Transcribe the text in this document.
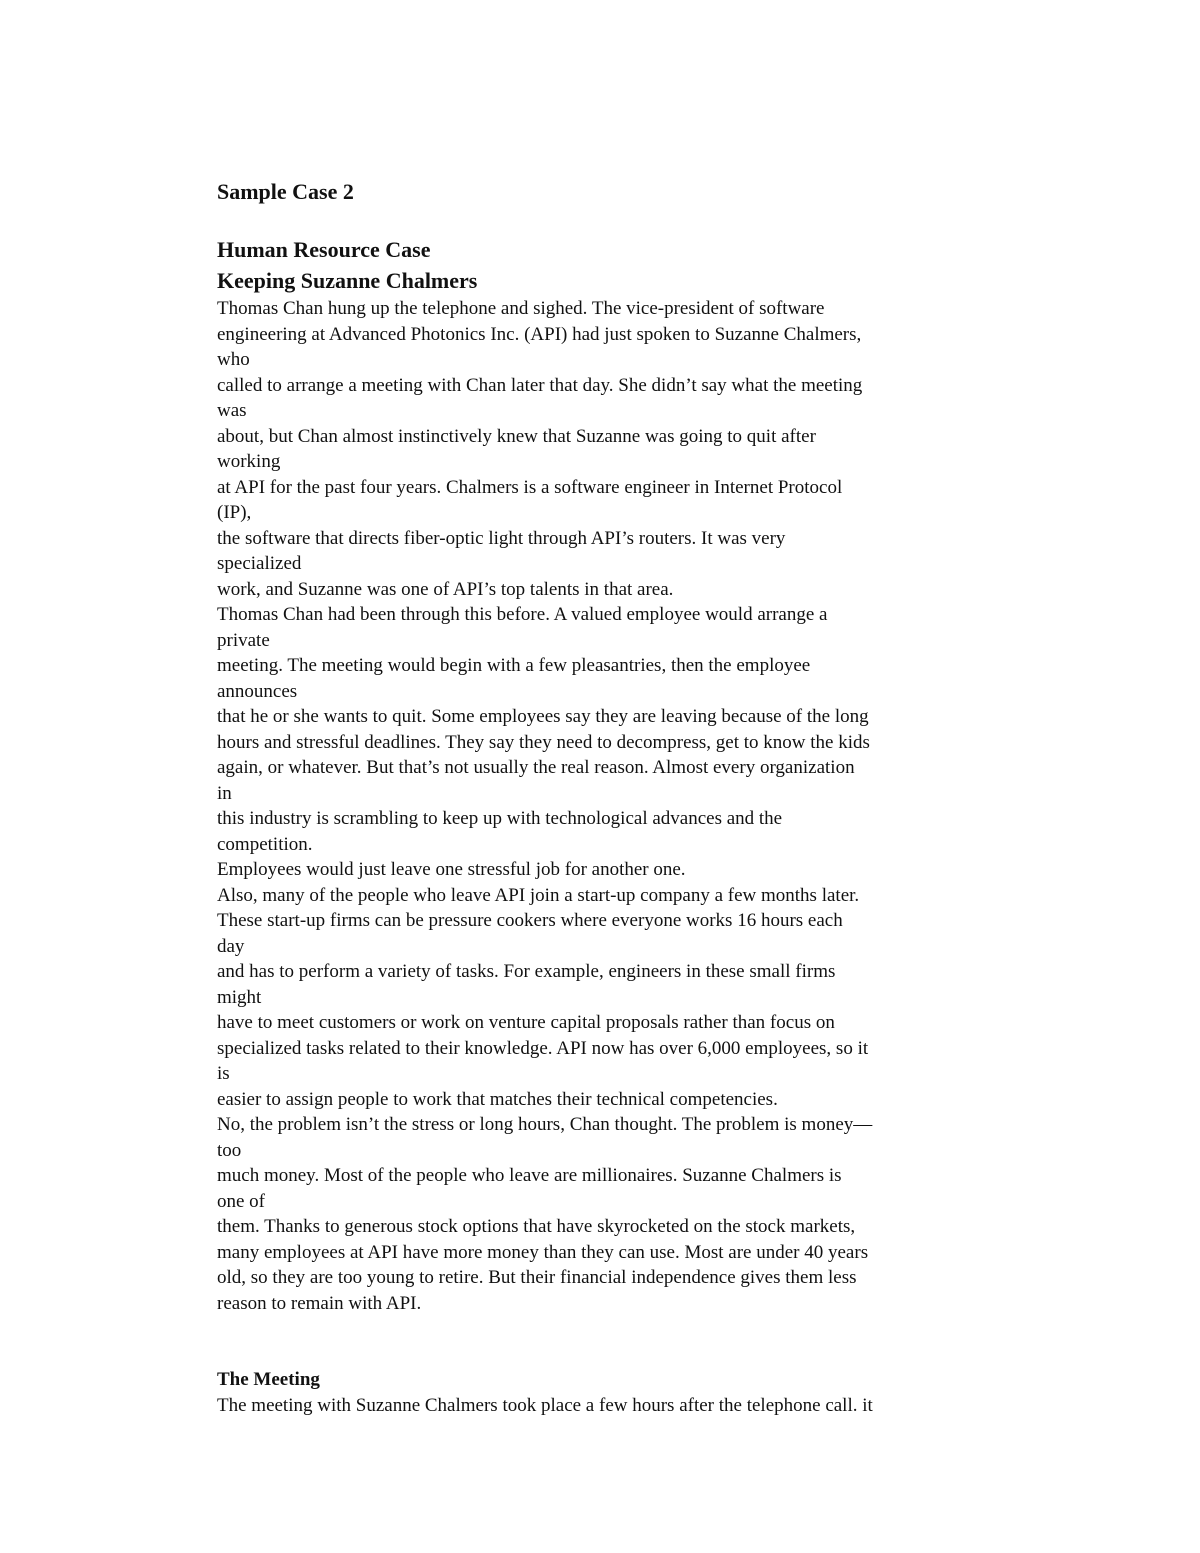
Sample Case 2

Human Resource Case

Keeping Suzanne Chalmers

Thomas Chan hung up the telephone and sighed. The vice-president of software

engineering at Advanced Photonics Inc. (API) had just spoken to Suzanne Chalmers,

who

called to arrange a meeting with Chan later that day. She didn’t say what the meeting

was

about, but Chan almost instinctively knew that Suzanne was going to quit after

working

at API for the past four years. Chalmers is a software engineer in Internet Protocol

(IP),

the software that directs fiber-optic light through API’s routers. It was very

specialized

work, and Suzanne was one of API’s top talents in that area.

Thomas Chan had been through this before. A valued employee would arrange a

private

meeting. The meeting would begin with a few pleasantries, then the employee

announces

that he or she wants to quit. Some employees say they are leaving because of the long

hours and stressful deadlines. They say they need to decompress, get to know the kids

again, or whatever. But that’s not usually the real reason. Almost every organization

in

this industry is scrambling to keep up with technological advances and the

competition.

Employees would just leave one stressful job for another one.

Also, many of the people who leave API join a start-up company a few months later.

These start-up firms can be pressure cookers where everyone works 16 hours each

day

and has to perform a variety of tasks. For example, engineers in these small firms

might

have to meet customers or work on venture capital proposals rather than focus on

specialized tasks related to their knowledge. API now has over 6,000 employees, so it

is

easier to assign people to work that matches their technical competencies.

No, the problem isn’t the stress or long hours, Chan thought. The problem is money—

too

much money. Most of the people who leave are millionaires. Suzanne Chalmers is

one of

them. Thanks to generous stock options that have skyrocketed on the stock markets,

many employees at API have more money than they can use. Most are under 40 years

old, so they are too young to retire. But their financial independence gives them less

reason to remain with API.

The Meeting

The meeting with Suzanne Chalmers took place a few hours after the telephone call. it
